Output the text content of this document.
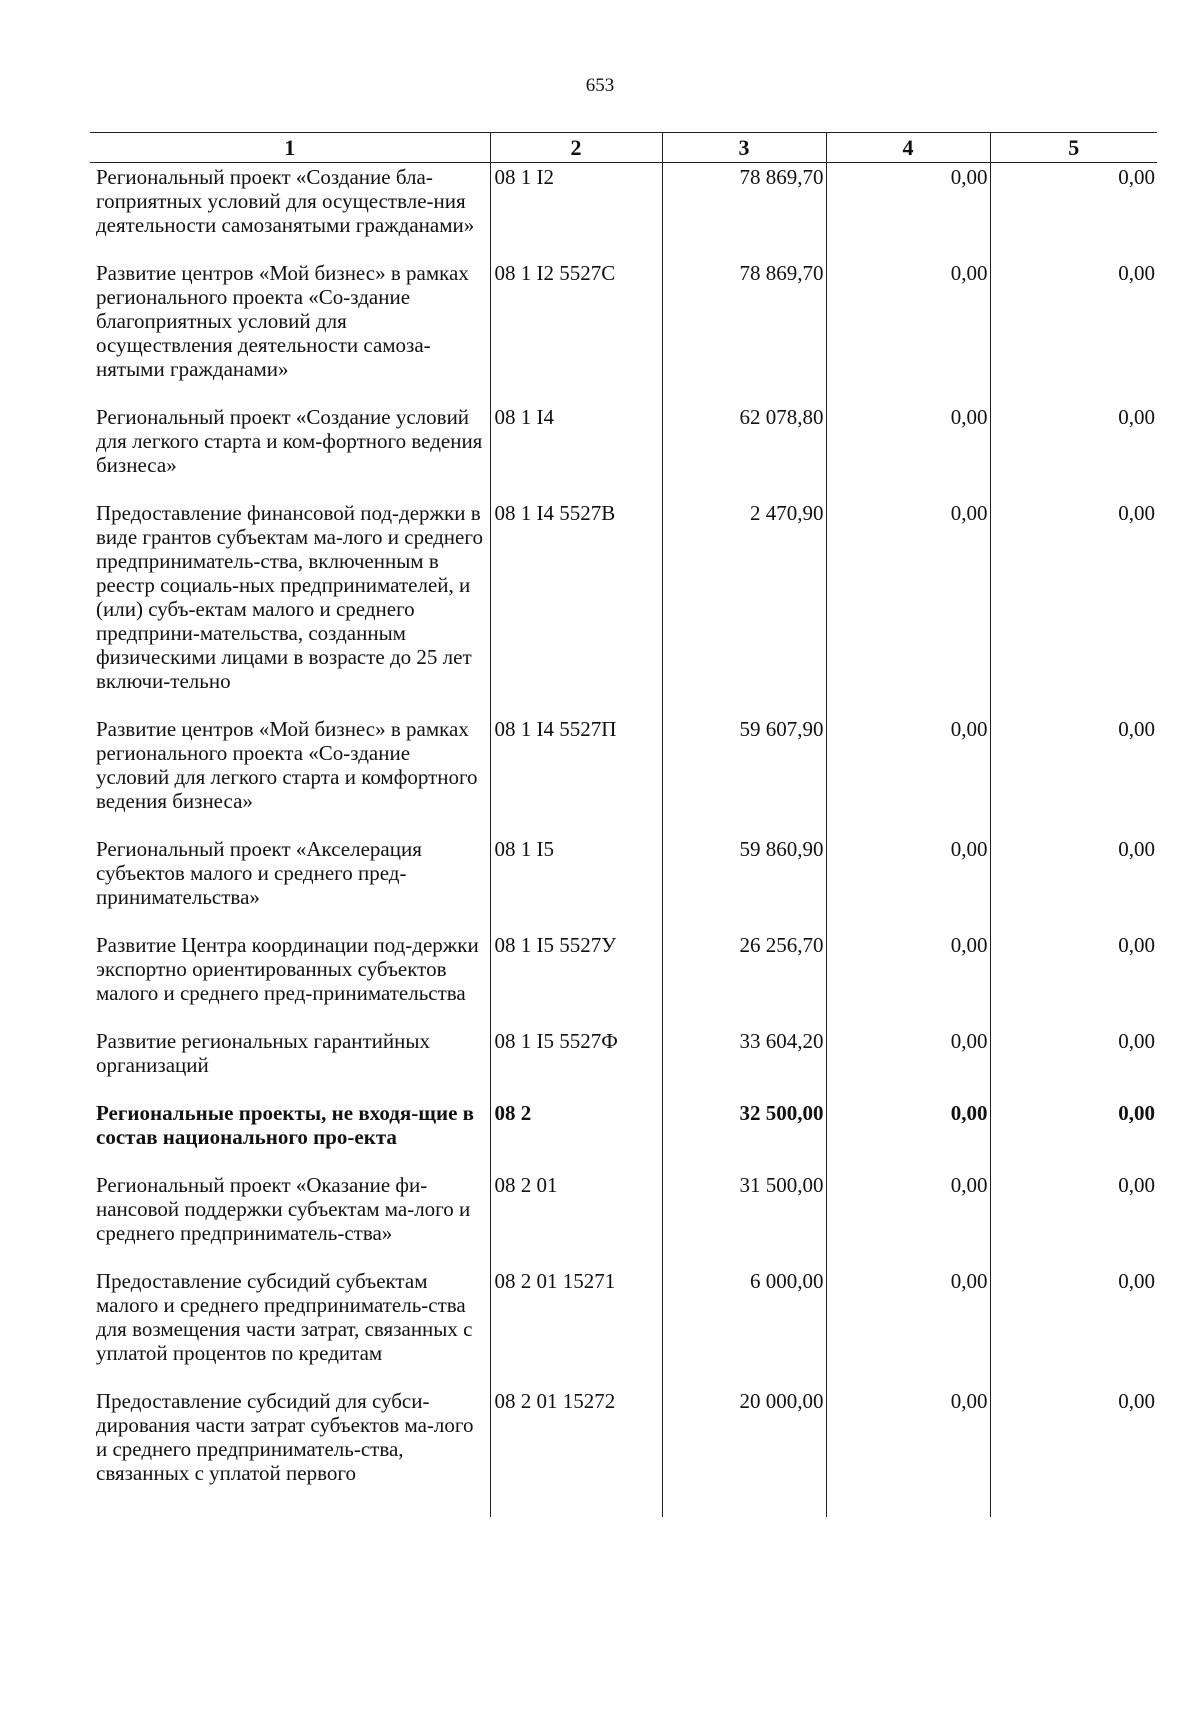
653
1	2	3	4	5
Региональный проект «Создание бла-гоприятных условий для осуществле-ния деятельности самозанятыми гражданами»	08 1 I2	78 869,70	0,00	0,00
Развитие центров «Мой бизнес» в рамках регионального проекта «Со-здание благоприятных условий для осуществления деятельности самоза-нятыми гражданами»	08 1 I2 5527C	78 869,70	0,00	0,00
Региональный проект «Создание условий для легкого старта и ком-фортного ведения бизнеса»	08 1 I4	62 078,80	0,00	0,00
Предоставление финансовой под-держки в виде грантов субъектам ма-лого и среднего предприниматель-ства, включенным в реестр социаль-ных предпринимателей, и (или) субъ-ектам малого и среднего предприни-мательства, созданным физическими лицами в возрасте до 25 лет включи-тельно	08 1 I4 5527B	2 470,90	0,00	0,00
Развитие центров «Мой бизнес» в рамках регионального проекта «Со-здание условий для легкого старта и комфортного ведения бизнеса»	08 1 I4 5527П	59 607,90	0,00	0,00
Региональный проект «Акселерация субъектов малого и среднего пред-принимательства»	08 1 I5	59 860,90	0,00	0,00
Развитие Центра координации под-держки экспортно ориентированных субъектов малого и среднего пред-принимательства	08 1 I5 5527У	26 256,70	0,00	0,00
Развитие региональных гарантийных организаций	08 1 I5 5527Ф	33 604,20	0,00	0,00
Региональные проекты, не входя-щие в состав национального про-екта	08 2	32 500,00	0,00	0,00
Региональный проект «Оказание фи-нансовой поддержки субъектам ма-лого и среднего предприниматель-ства»	08 2 01	31 500,00	0,00	0,00
Предоставление субсидий субъектам малого и среднего предприниматель-ства для возмещения части затрат, связанных с уплатой процентов по кредитам	08 2 01 15271	6 000,00	0,00	0,00
Предоставление субсидий для субси-дирования части затрат субъектов ма-лого и среднего предприниматель-ства, связанных с уплатой первого	08 2 01 15272	20 000,00	0,00	0,00
